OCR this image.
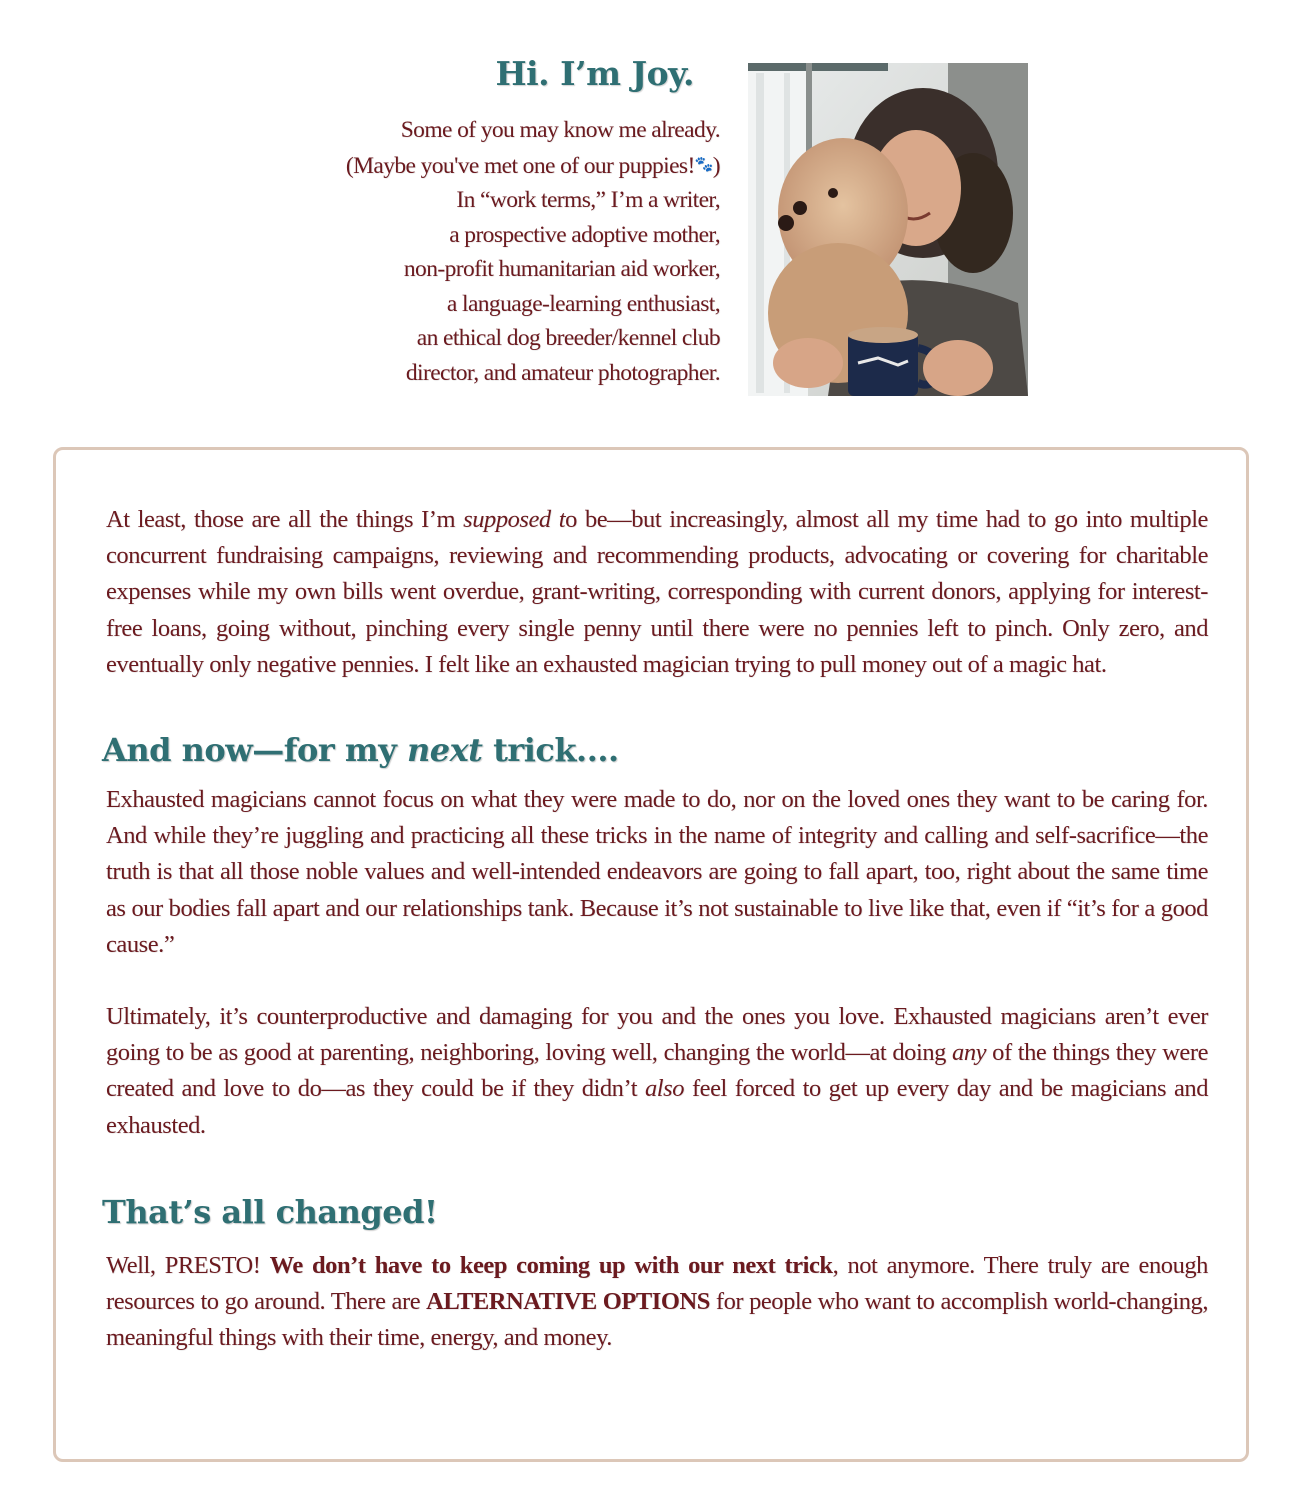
Hi. I’m Joy.
Some of you may know me already.
(Maybe you've met one of our puppies!🐾)
In “work terms,” I’m a writer,
a prospective adoptive mother,
non-profit humanitarian aid worker,
a language-learning enthusiast,
an ethical dog breeder/kennel club
director, and amateur photographer.

At least, those are all the things I’m supposed to be—but increasingly, almost all my time had to go into multiple concurrent fundraising campaigns, reviewing and recommending products, advocating or covering for charitable expenses while my own bills went overdue, grant-writing, corresponding with current donors, applying for interest-free loans, going without, pinching every single penny until there were no pennies left to pinch. Only zero, and eventually only negative pennies. I felt like an exhausted magician trying to pull money out of a magic hat.

And now—for my next trick....

Exhausted magicians cannot focus on what they were made to do, nor on the loved ones they want to be caring for. And while they’re juggling and practicing all these tricks in the name of integrity and calling and self-sacrifice—the truth is that all those noble values and well-intended endeavors are going to fall apart, too, right about the same time as our bodies fall apart and our relationships tank. Because it’s not sustainable to live like that, even if “it’s for a good cause.”

Ultimately, it’s counterproductive and damaging for you and the ones you love. Exhausted magicians aren’t ever going to be as good at parenting, neighboring, loving well, changing the world—at doing any of the things they were created and love to do—as they could be if they didn’t also feel forced to get up every day and be magicians and exhausted.

That’s all changed!

Well, PRESTO! We don’t have to keep coming up with our next trick, not anymore. There truly are enough resources to go around. There are ALTERNATIVE OPTIONS for people who want to accomplish world-changing, meaningful things with their time, energy, and money.
